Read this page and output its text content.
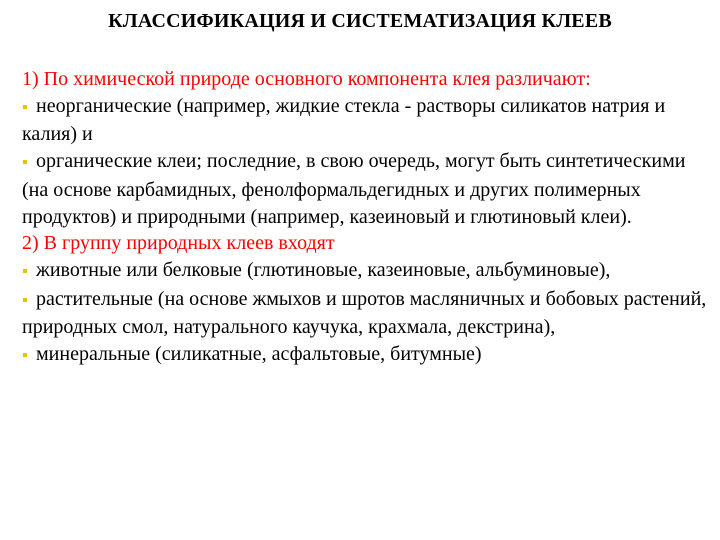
КЛАССИФИКАЦИЯ И СИСТЕМАТИЗАЦИЯ КЛЕЕВ

1) По химической природе основного компонента клея различают:

▪ неорганические (например, жидкие стекла - растворы силикатов натрия и калия) и
▪ органические клеи; последние, в свою очередь, могут быть синтетическими (на основе карбамидных, фенолформальдегидных и других полимерных продуктов) и природными (например, казеиновый и глютиновый клеи).

2) В группу природных клеев входят

▪ животные или белковые (глютиновые, казеиновые, альбуминовые),
▪ растительные (на основе жмыхов и шротов масляничных и бобовых растений, природных смол, натурального каучука, крахмала, декстрина),
▪ минеральные (силикатные, асфальтовые, битумные)
